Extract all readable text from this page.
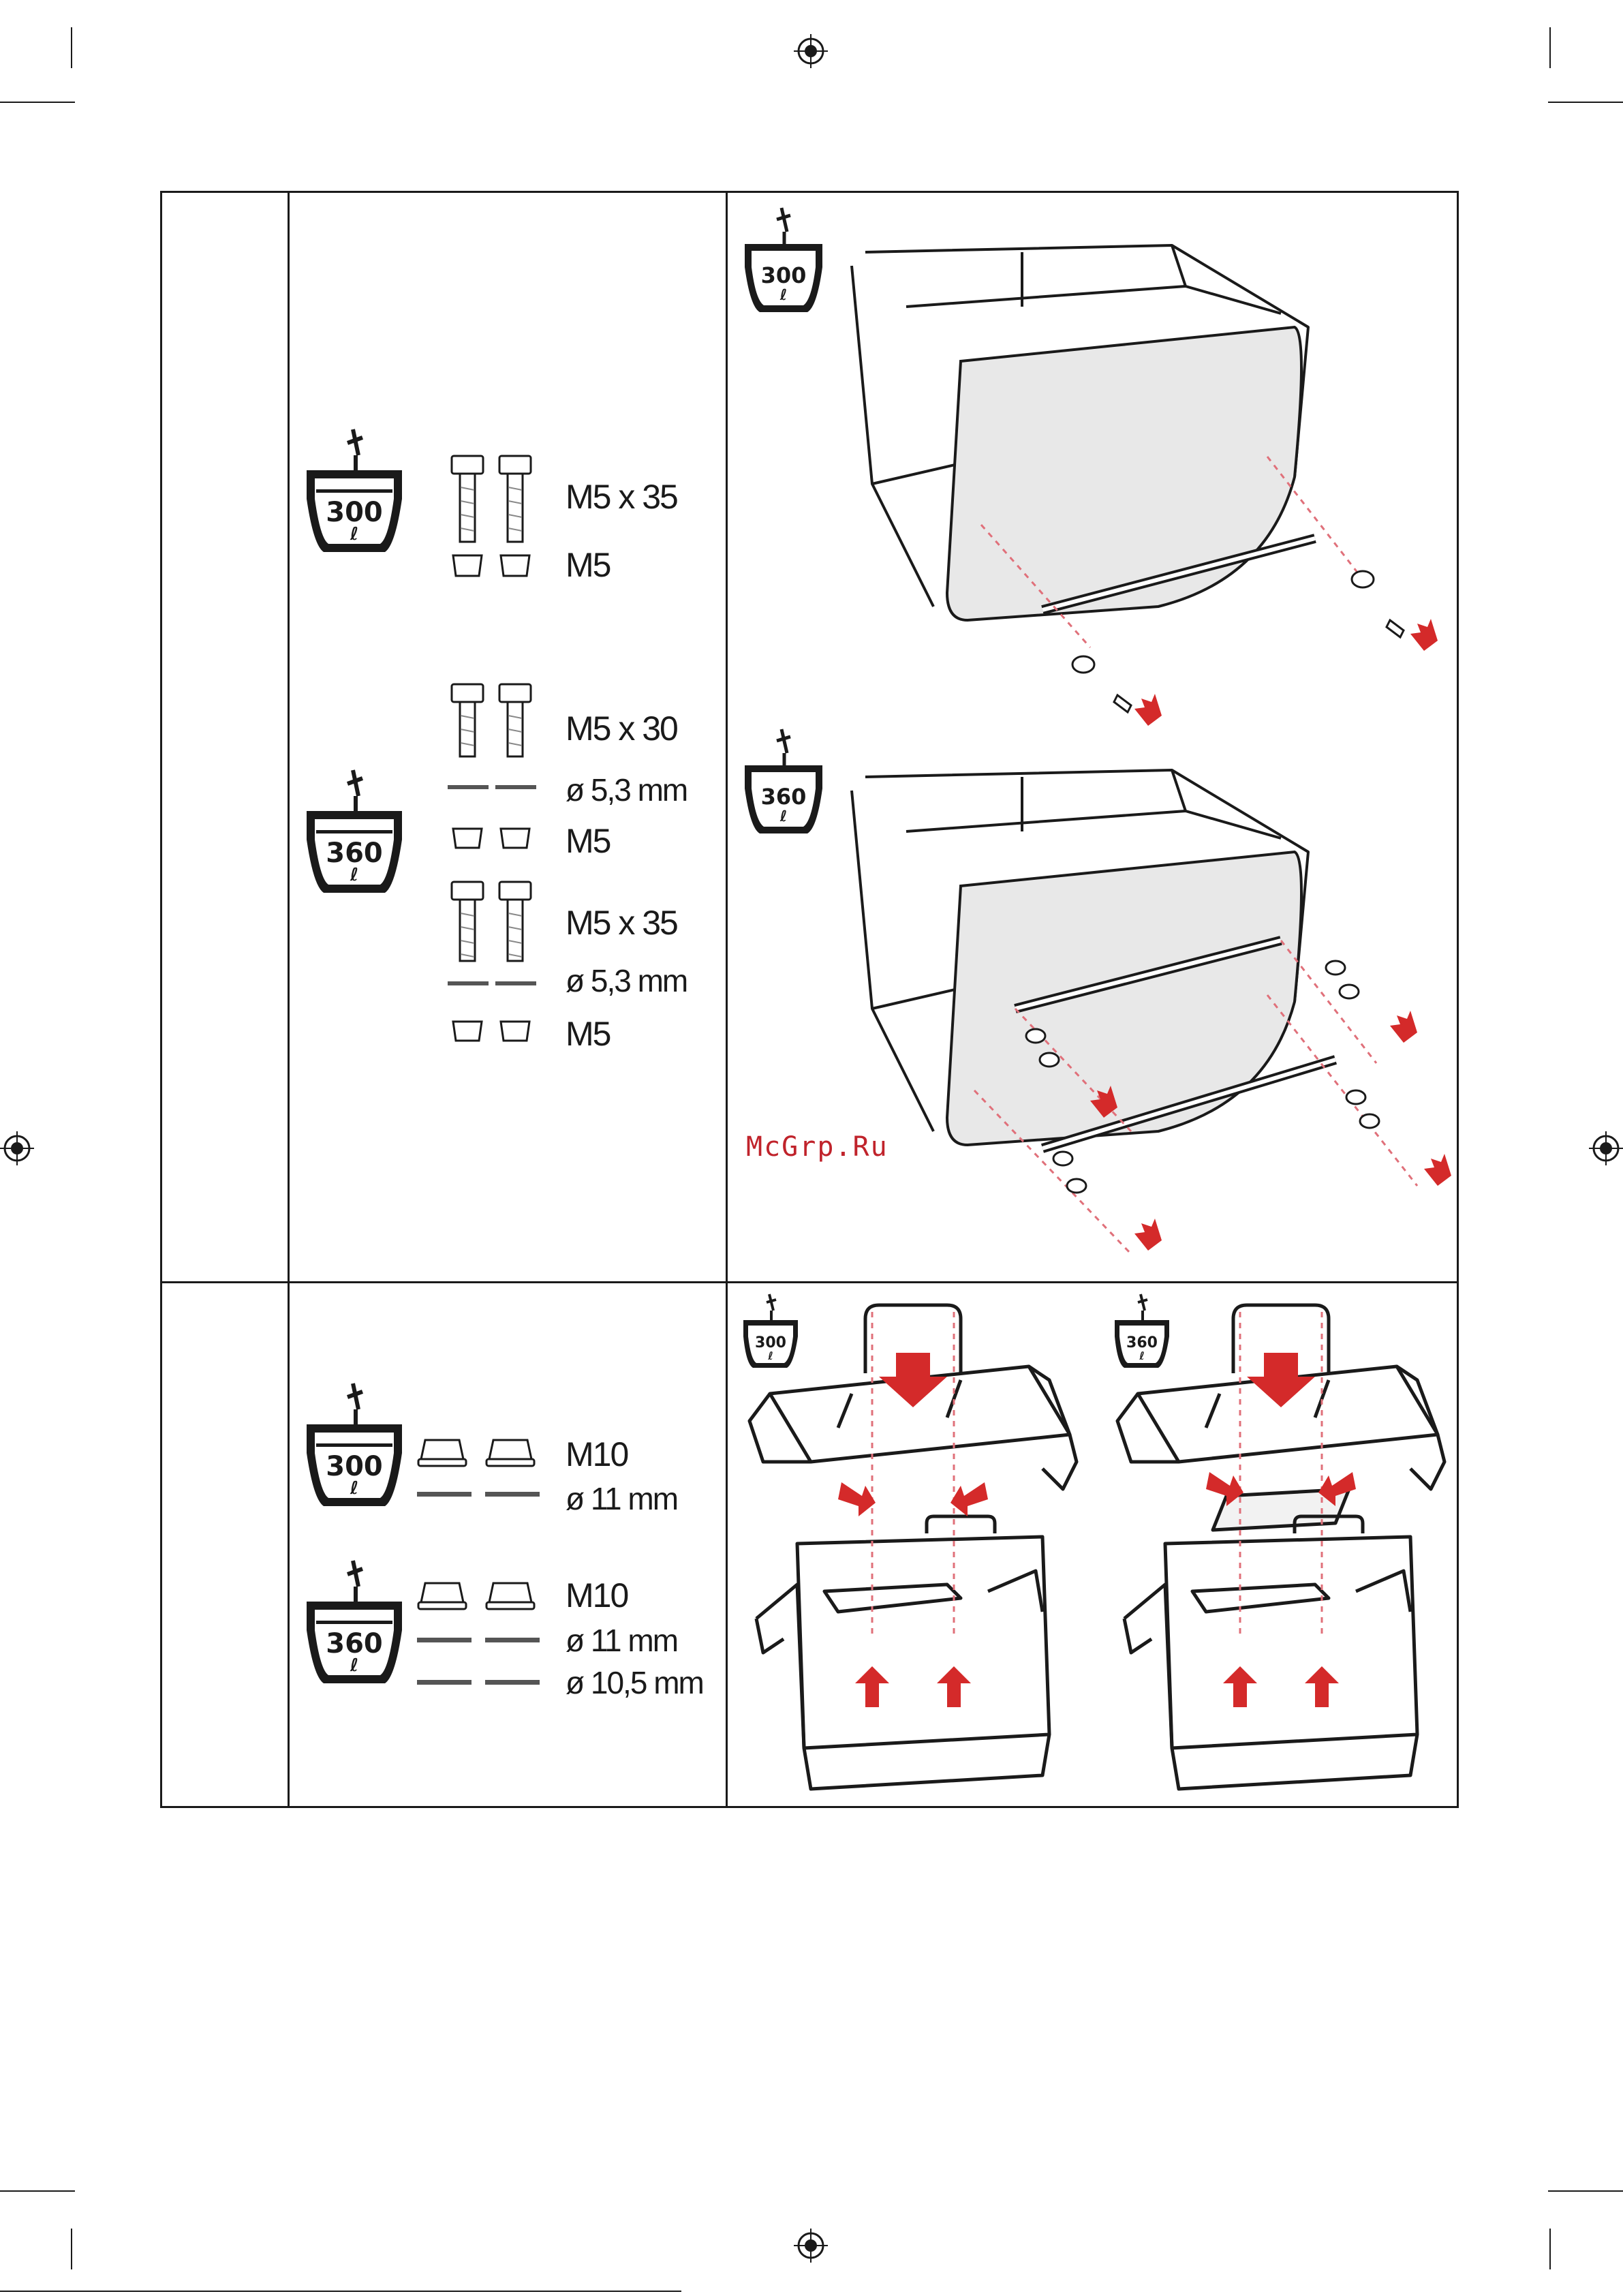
300
ℓ
M5 x 35
M5
360
ℓ
M5 x 30
ø 5,3 mm
M5
M5 x 35
ø 5,3 mm
M5
300
ℓ
360
ℓ
McGrp.Ru
300
ℓ
M10
ø 11 mm
360
ℓ
M10
ø 11 mm
ø 10,5 mm
300
ℓ
360
ℓ
